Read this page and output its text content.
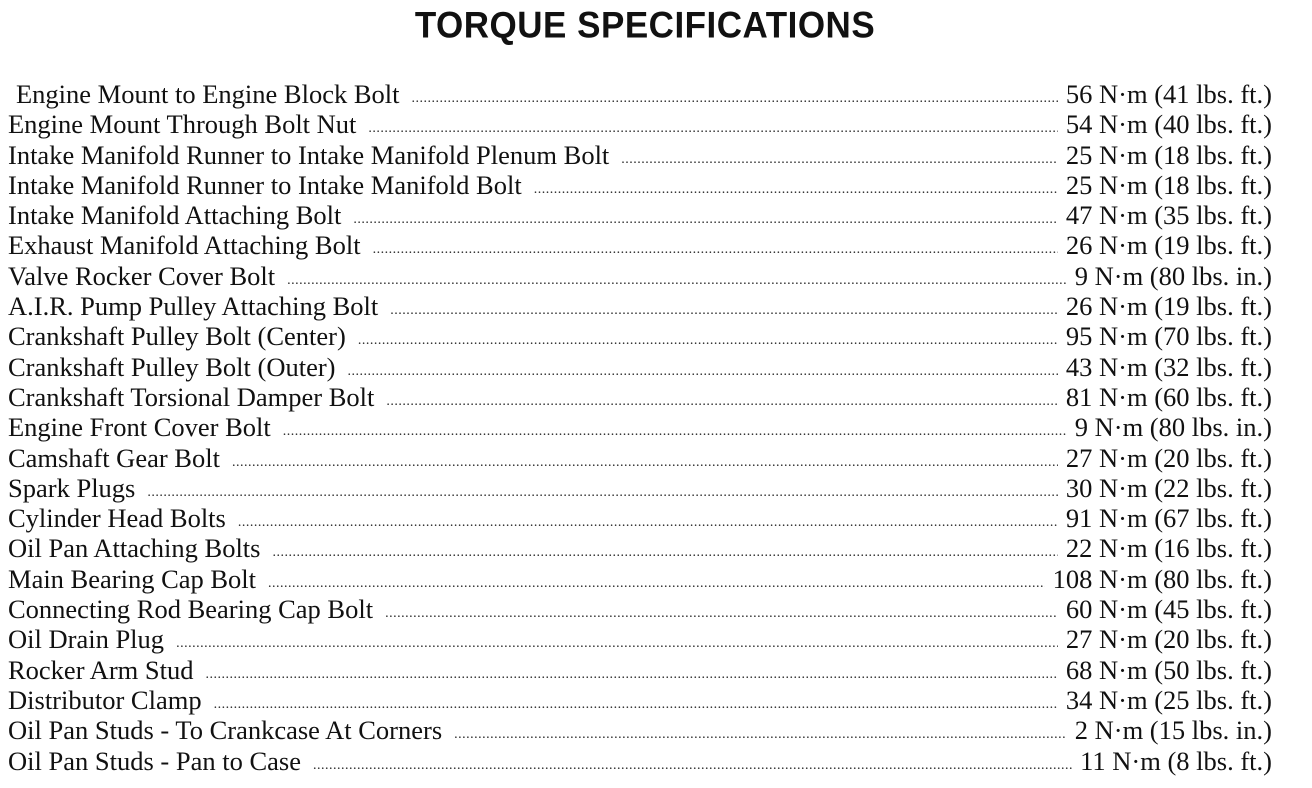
TORQUE SPECIFICATIONS
Engine Mount to Engine Block Bolt .....	56 N·m (41 lbs. ft.)
Engine Mount Through Bolt Nut .....	54 N·m (40 lbs. ft.)
Intake Manifold Runner to Intake Manifold Plenum Bolt .....	25 N·m (18 lbs. ft.)
Intake Manifold Runner to Intake Manifold Bolt .....	25 N·m (18 lbs. ft.)
Intake Manifold Attaching Bolt .....	47 N·m (35 lbs. ft.)
Exhaust Manifold Attaching Bolt .....	26 N·m (19 lbs. ft.)
Valve Rocker Cover Bolt .....	9 N·m (80 lbs. in.)
A.I.R. Pump Pulley Attaching Bolt .....	26 N·m (19 lbs. ft.)
Crankshaft Pulley Bolt (Center) .....	95 N·m (70 lbs. ft.)
Crankshaft Pulley Bolt (Outer) .....	43 N·m (32 lbs. ft.)
Crankshaft Torsional Damper Bolt .....	81 N·m (60 lbs. ft.)
Engine Front Cover Bolt .....	9 N·m (80 lbs. in.)
Camshaft Gear Bolt .....	27 N·m (20 lbs. ft.)
Spark Plugs .....	30 N·m (22 lbs. ft.)
Cylinder Head Bolts .....	91 N·m (67 lbs. ft.)
Oil Pan Attaching Bolts .....	22 N·m (16 lbs. ft.)
Main Bearing Cap Bolt .....	108 N·m (80 lbs. ft.)
Connecting Rod Bearing Cap Bolt .....	60 N·m (45 lbs. ft.)
Oil Drain Plug .....	27 N·m (20 lbs. ft.)
Rocker Arm Stud .....	68 N·m (50 lbs. ft.)
Distributor Clamp .....	34 N·m (25 lbs. ft.)
Oil Pan Studs - To Crankcase At Corners .....	2 N·m (15 lbs. in.)
Oil Pan Studs - Pan to Case .....	11 N·m (8 lbs. ft.)
